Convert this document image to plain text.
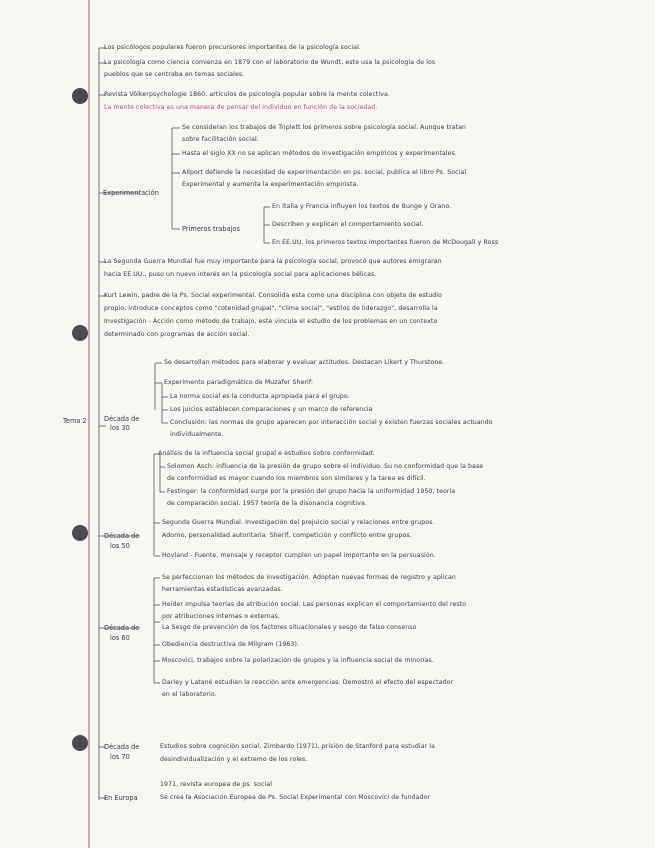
Los psicólogos populares fueron precursores importantes de la psicología social.
La psicología como ciencia comienza en 1879 con el laboratorio de Wundt, este usa la psicología de los
pueblos que se centraba en temas sociales.
Revista Völkerpsychologie 1860, artículos de psicología popular sobre la mente colectiva.
La mente colectiva es una manera de pensar del individuo en función de la sociedad.
Experimentación
Se consideran los trabajos de Triplett los primeros sobre psicología social. Aunque tratan
sobre facilitación social.
Hasta el siglo XX no se aplican métodos de investigación empíricos y experimentales.
Allport defiende la necesidad de experimentación en ps. social, publica el libro Ps. Social
Experimental y aumenta la experimentación empirista.
Primeros trabajos
En Italia y Francia influyen los textos de Bunge y Orano.
Describen y explican el comportamiento social.
En EE.UU. los primeros textos importantes fueron de McDougall y Ross
La Segunda Guerra Mundial fue muy importante para la psicología social, provocó que autores emigraran
hacia EE.UU., puso un nuevo interés en la psicología social para aplicaciones bélicas.
Kurt Lewin, padre de la Ps. Social experimental. Consolida esta como una disciplina con objeto de estudio
propio, introduce conceptos como "cotenidad grupal", "clima social", "estilos de liderazgo", desarrolla la
Investigación - Acción como método de trabajo, este vincula el estudio de los problemas en un contexto
determinado con programas de acción social.
Tema 2	Década de
los 30
Se desarrollan métodos para elaborar y evaluar actitudes. Destacan Likert y Thurstone.
Experimento paradigmático de Muzafer Sherif:
La norma social es la conducta apropiada para el grupo.
Los juicios establecen comparaciones y un marco de referencia
Conclusión: las normas de grupo aparecen por interacción social y existen fuerzas sociales actuando
individualmente.
Década de
los 50
Análisis de la influencia social grupal e estudios sobre conformidad.
Solomon Asch: influencia de la presión de grupo sobre el individuo. Su no conformidad que la base
de conformidad es mayor cuando los miembros son similares y la tarea es difícil.
Festinger: la conformidad surge por la presión del grupo hacia la uniformidad 1950, teoría
de comparación social. 1957 teoría de la disonancia cognitiva.
Segunda Guerra Mundial. Investigación del prejuicio social y relaciones entre grupos.
Adorno, personalidad autoritaria. Sherif, competición y conflicto entre grupos.
Hovland - Fuente, mensaje y receptor cumplen un papel importante en la persuasión.
Década de
los 60
Se perfeccionan los métodos de investigación. Adoptan nuevas formas de registro y aplican
herramientas estadísticas avanzadas.
Heider impulsa teorías de atribución social. Las personas explican el comportamiento del resto
por atribuciones internas o externas.
La Sesgo de prevención de los factores situacionales y sesgo de falso consenso
Obediencia destructiva de Milgram (1963).
Moscovici, trabajos sobre la polarización de grupos y la influencia social de minorías.
Darley y Latané estudian la reacción ante emergencias. Demostró el efecto del espectador
en el laboratorio.
Década de
los 70
Estudios sobre cognición social. Zimbardo (1971), prisión de Stanford para estudiar la
desindividualización y el extremo de los roles.
En Europa
1971, revista europea de ps. social
Se crea la Asociación Europea de Ps. Social Experimental con Moscovici de fundador
